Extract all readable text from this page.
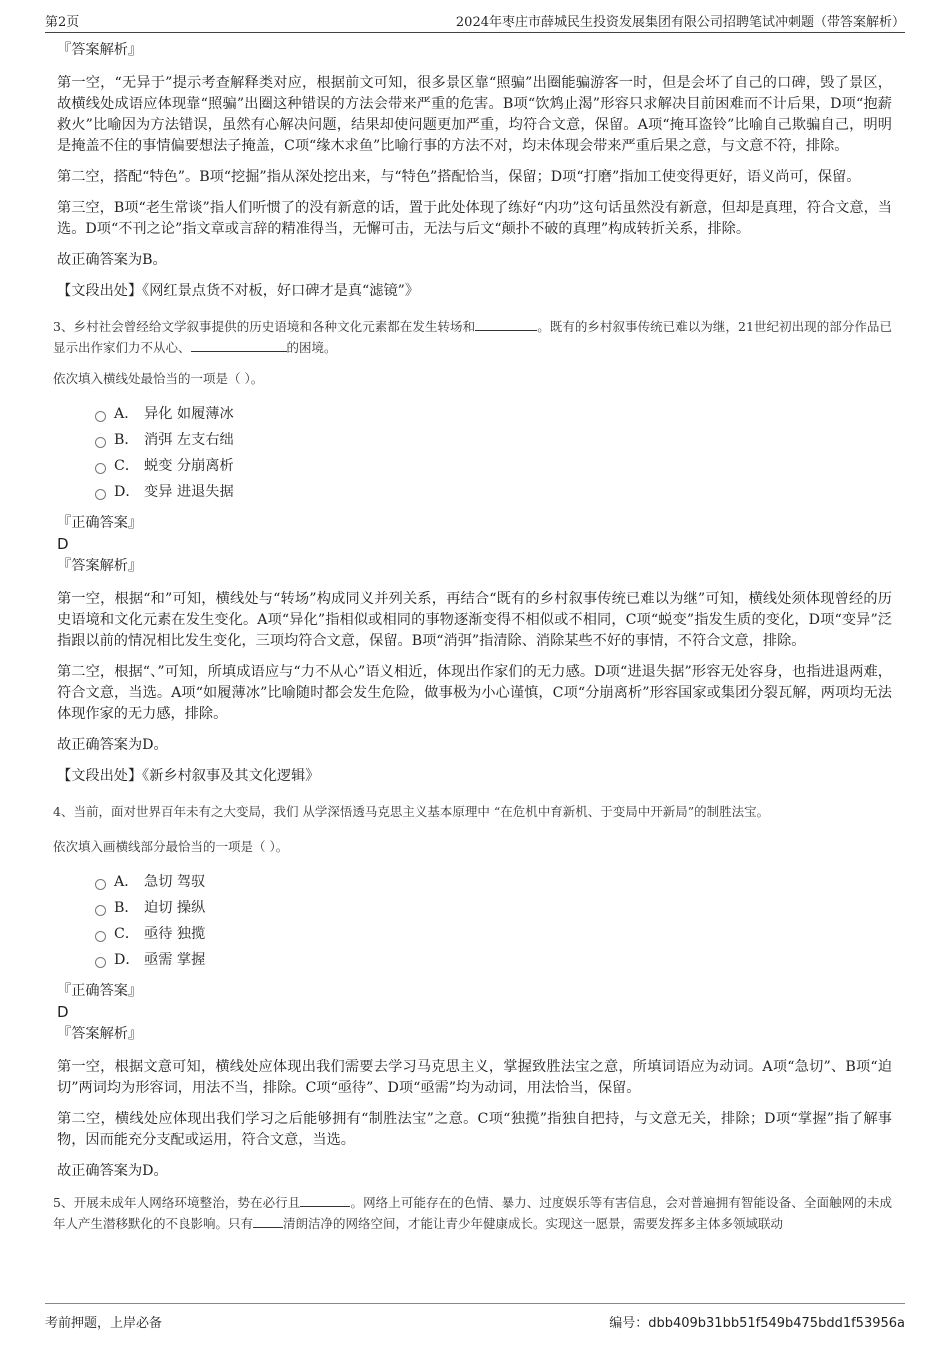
第2页	2024年枣庄市薛城民生投资发展集团有限公司招聘笔试冲刺题（带答案解析）

『答案解析』

第一空，“无异于”提示考查解释类对应，根据前文可知，很多景区靠“照骗”出圈能骗游客一时，但是会坏了自己的口碑，毁了景区，故横线处成语应体现靠“照骗”出圈这种错误的方法会带来严重的危害。B项“饮鸩止渴”形容只求解决目前困难而不计后果，D项“抱薪救火”比喻因为方法错误，虽然有心解决问题，结果却使问题更加严重，均符合文意，保留。A项“掩耳盗铃”比喻自己欺骗自己，明明是掩盖不住的事情偏要想法子掩盖，C项“缘木求鱼”比喻行事的方法不对，均未体现会带来严重后果之意，与文意不符，排除。

第二空，搭配“特色”。B项“挖掘”指从深处挖出来，与“特色”搭配恰当，保留；D项“打磨”指加工使变得更好，语义尚可，保留。

第三空，B项“老生常谈”指人们听惯了的没有新意的话，置于此处体现了练好“内功”这句话虽然没有新意，但却是真理，符合文意，当选。D项“不刊之论”指文章或言辞的精准得当，无懈可击，无法与后文“颠扑不破的真理”构成转折关系，排除。

故正确答案为B。

【文段出处】《网红景点货不对板，好口碑才是真“滤镜”》

3、乡村社会曾经给文学叙事提供的历史语境和各种文化元素都在发生转场和	。既有的乡村叙事传统已难以为继，21世纪初出现的部分作品已显示出作家们力不从心、	的困境。

依次填入横线处最恰当的一项是（ ）。

A． 异化 如履薄冰
B． 消弭 左支右绌
C． 蜕变 分崩离析
D． 变异 进退失据

『正确答案』

D

『答案解析』

第一空，根据“和”可知，横线处与“转场”构成同义并列关系，再结合“既有的乡村叙事传统已难以为继”可知，横线处须体现曾经的历史语境和文化元素在发生变化。A项“异化”指相似或相同的事物逐渐变得不相似或不相同，C项“蜕变”指发生质的变化，D项“变异”泛指跟以前的情况相比发生变化，三项均符合文意，保留。B项“消弭”指清除、消除某些不好的事情，不符合文意，排除。

第二空，根据“、”可知，所填成语应与“力不从心”语义相近，体现出作家们的无力感。D项“进退失据”形容无处容身，也指进退两难，符合文意，当选。A项“如履薄冰”比喻随时都会发生危险，做事极为小心谨慎，C项“分崩离析”形容国家或集团分裂瓦解，两项均无法体现作家的无力感，排除。

故正确答案为D。

【文段出处】《新乡村叙事及其文化逻辑》

4、当前，面对世界百年未有之大变局，我们 从学深悟透马克思主义基本原理中 “在危机中育新机、于变局中开新局”的制胜法宝。

依次填入画横线部分最恰当的一项是（ ）。

A． 急切 驾驭
B． 迫切 操纵
C． 亟待 独揽
D． 亟需 掌握

『正确答案』

D

『答案解析』

第一空，根据文意可知，横线处应体现出我们需要去学习马克思主义，掌握致胜法宝之意，所填词语应为动词。A项“急切”、B项“迫切”两词均为形容词，用法不当，排除。C项“亟待”、D项“亟需”均为动词，用法恰当，保留。

第二空，横线处应体现出我们学习之后能够拥有“制胜法宝”之意。C项“独揽”指独自把持，与文意无关，排除；D项“掌握”指了解事物，因而能充分支配或运用，符合文意，当选。

故正确答案为D。

5、开展未成年人网络环境整治，势在必行且	。网络上可能存在的色情、暴力、过度娱乐等有害信息，会对普遍拥有智能设备、全面触网的未成年人产生潜移默化的不良影响。只有 清朗洁净的网络空间，才能让青少年健康成长。实现这一愿景，需要发挥多主体多领域联动

考前押题，上岸必备	编号：dbb409b31bb51f549b475bdd1f53956a
